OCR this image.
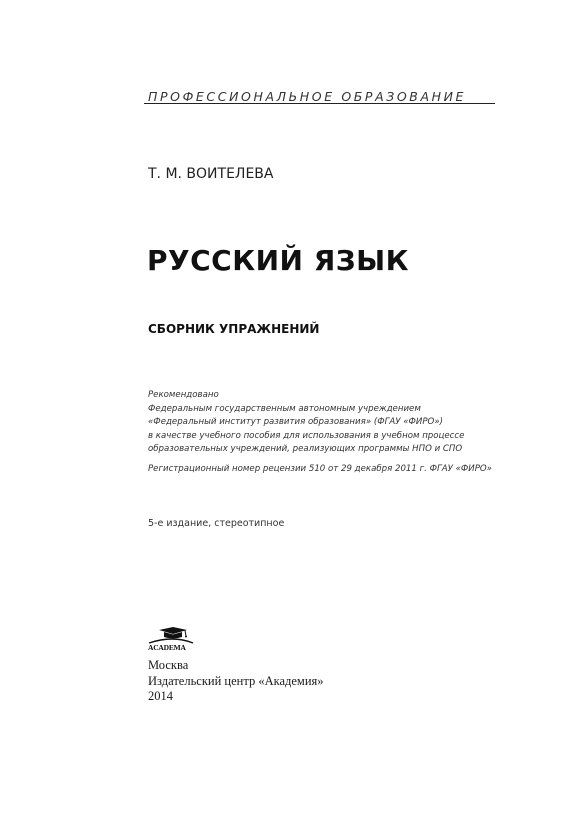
ПРОФЕССИОНАЛЬНОЕ ОБРАЗОВАНИЕ
Т. М. ВОИТЕЛЕВА
РУССКИЙ ЯЗЫК
СБОРНИК УПРАЖНЕНИЙ
Рекомендовано
Федеральным государственным автономным учреждением
«Федеральный институт развития образования» (ФГАУ «ФИРО»)
в качестве учебного пособия для использования в учебном процессе
образовательных учреждений, реализующих программы НПО и СПО
Регистрационный номер рецензии 510 от 29 декабря 2011 г. ФГАУ «ФИРО»
5-е издание, стереотипное
ACADEMA
Москва
Издательский центр «Академия»
2014
